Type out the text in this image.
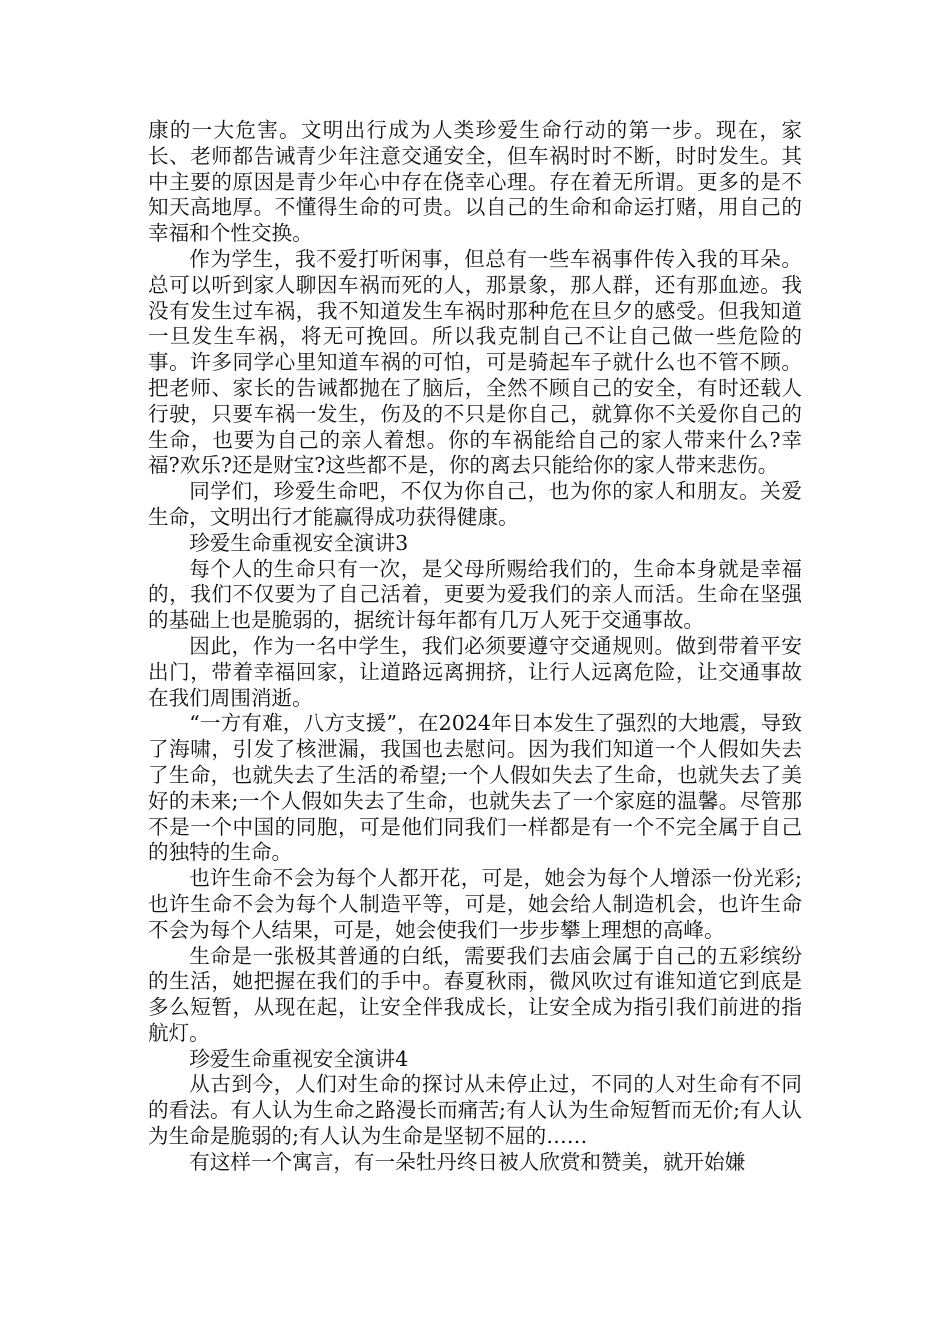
康的一大危害。文明出行成为人类珍爱生命行动的第一步。现在，家长、老师都告诫青少年注意交通安全，但车祸时时不断，时时发生。其中主要的原因是青少年心中存在侥幸心理。存在着无所谓。更多的是不知天高地厚。不懂得生命的可贵。以自己的生命和命运打赌，用自己的幸福和个性交换。

作为学生，我不爱打听闲事，但总有一些车祸事件传入我的耳朵。总可以听到家人聊因车祸而死的人，那景象，那人群，还有那血迹。我没有发生过车祸，我不知道发生车祸时那种危在旦夕的感受。但我知道一旦发生车祸，将无可挽回。所以我克制自己不让自己做一些危险的事。许多同学心里知道车祸的可怕，可是骑起车子就什么也不管不顾。把老师、家长的告诫都抛在了脑后，全然不顾自己的安全，有时还载人行驶，只要车祸一发生，伤及的不只是你自己，就算你不关爱你自己的生命，也要为自己的亲人着想。你的车祸能给自己的家人带来什么?幸福?欢乐?还是财宝?这些都不是，你的离去只能给你的家人带来悲伤。

同学们，珍爱生命吧，不仅为你自己，也为你的家人和朋友。关爱生命，文明出行才能赢得成功获得健康。

珍爱生命重视安全演讲3

每个人的生命只有一次，是父母所赐给我们的，生命本身就是幸福的，我们不仅要为了自己活着，更要为爱我们的亲人而活。生命在坚强的基础上也是脆弱的，据统计每年都有几万人死于交通事故。

因此，作为一名中学生，我们必须要遵守交通规则。做到带着平安出门，带着幸福回家，让道路远离拥挤，让行人远离危险，让交通事故在我们周围消逝。

“一方有难，八方支援”，在2024年日本发生了强烈的大地震，导致了海啸，引发了核泄漏，我国也去慰问。因为我们知道一个人假如失去了生命，也就失去了生活的希望;一个人假如失去了生命，也就失去了美好的未来;一个人假如失去了生命，也就失去了一个家庭的温馨。尽管那不是一个中国的同胞，可是他们同我们一样都是有一个不完全属于自己的独特的生命。

也许生命不会为每个人都开花，可是，她会为每个人增添一份光彩;也许生命不会为每个人制造平等，可是，她会给人制造机会，也许生命不会为每个人结果，可是，她会使我们一步步攀上理想的高峰。

生命是一张极其普通的白纸，需要我们去庙会属于自己的五彩缤纷的生活，她把握在我们的手中。春夏秋雨，微风吹过有谁知道它到底是多么短暂，从现在起，让安全伴我成长，让安全成为指引我们前进的指航灯。

珍爱生命重视安全演讲4

从古到今，人们对生命的探讨从未停止过，不同的人对生命有不同的看法。有人认为生命之路漫长而痛苦;有人认为生命短暂而无价;有人认为生命是脆弱的;有人认为生命是坚韧不屈的……

有这样一个寓言，有一朵牡丹终日被人欣赏和赞美，就开始嫌
